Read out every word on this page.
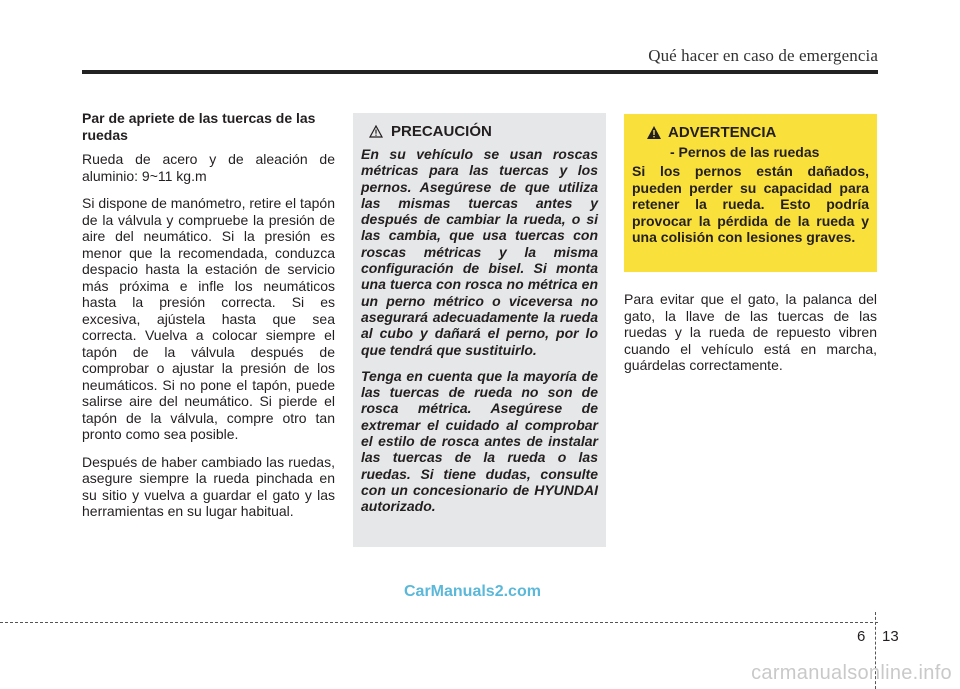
Qué hacer en caso de emergencia

Par de apriete de las tuercas de las ruedas

Rueda de acero y de aleación de aluminio: 9~11 kg.m

Si dispone de manómetro, retire el tapón de la válvula y compruebe la presión de aire del neumático. Si la presión es menor que la recomendada, conduzca despacio hasta la estación de servicio más próxima e infle los neumáticos hasta la presión correcta. Si es excesiva, ajústela hasta que sea correcta. Vuelva a colocar siempre el tapón de la válvula después de comprobar o ajustar la presión de los neumáticos. Si no pone el tapón, puede salirse aire del neumático. Si pierde el tapón de la válvula, compre otro tan pronto como sea posible.

Después de haber cambiado las ruedas, asegure siempre la rueda pinchada en su sitio y vuelva a guardar el gato y las herramientas en su lugar habitual.

PRECAUCIÓN

En su vehículo se usan roscas métricas para las tuercas y los pernos. Asegúrese de que utiliza las mismas tuercas antes y después de cambiar la rueda, o si las cambia, que usa tuercas con roscas métricas y la misma configuración de bisel. Si monta una tuerca con rosca no métrica en un perno métrico o viceversa no asegurará adecuadamente la rueda al cubo y dañará el perno, por lo que tendrá que sustituirlo.

Tenga en cuenta que la mayoría de las tuercas de rueda no son de rosca métrica. Asegúrese de extremar el cuidado al comprobar el estilo de rosca antes de instalar las tuercas de la rueda o las ruedas. Si tiene dudas, consulte con un concesionario de HYUNDAI autorizado.

ADVERTENCIA
- Pernos de las ruedas

Si los pernos están dañados, pueden perder su capacidad para retener la rueda. Esto podría provocar la pérdida de la rueda y una colisión con lesiones graves.

Para evitar que el gato, la palanca del gato, la llave de las tuercas de las ruedas y la rueda de repuesto vibren cuando el vehículo está en marcha, guárdelas correctamente.

CarManuals2.com
6 13
carmanualsonline.info
